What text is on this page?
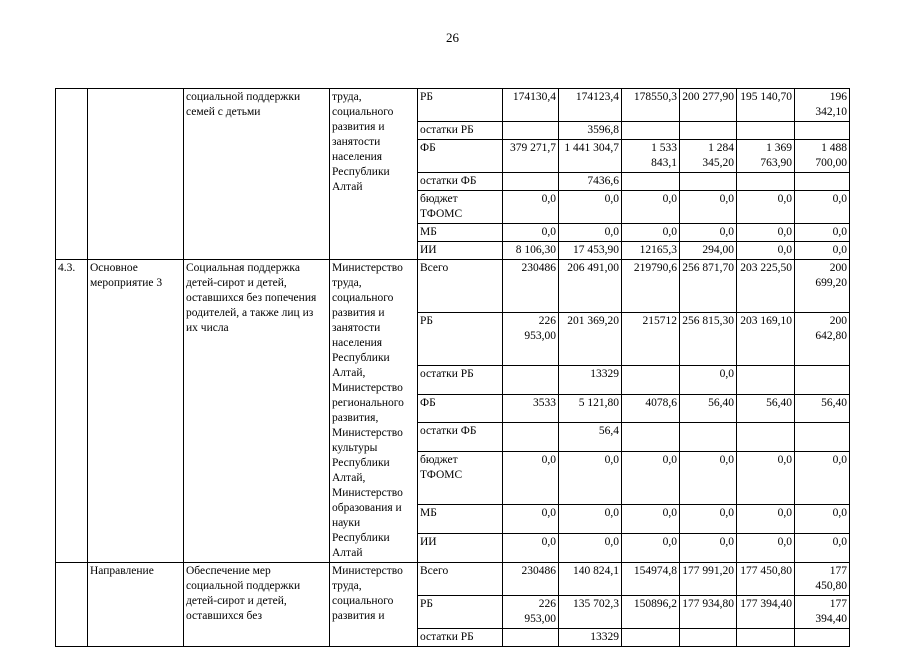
26
		социальной поддержки семей с детьми	труда, социального развития и занятости населения Республики Алтай	РБ	174130,4	174123,4	178550,3	200 277,90	195 140,70	196 342,10
				остатки РБ		3596,8				
				ФБ	379 271,7	1 441 304,7	1 533 843,1	1 284 345,20	1 369 763,90	1 488 700,00
				остатки ФБ		7436,6				
				бюджет ТФОМС	0,0	0,0	0,0	0,0	0,0	0,0
				МБ	0,0	0,0	0,0	0,0	0,0	0,0
				ИИ	8 106,30	17 453,90	12165,3	294,00	0,0	0,0
4.3.	Основное мероприятие 3	Социальная поддержка детей-сирот и детей, оставшихся без попечения родителей, а также лиц из их числа	Министерство труда, социального развития и занятости населения Республики Алтай, Министерство регионального развития, Министерство культуры Республики Алтай, Министерство образования и науки Республики Алтай	Всего	230486	206 491,00	219790,6	256 871,70	203 225,50	200 699,20
				РБ	226 953,00	201 369,20	215712	256 815,30	203 169,10	200 642,80
				остатки РБ		13329		0,0		
				ФБ	3533	5 121,80	4078,6	56,40	56,40	56,40
				остатки ФБ		56,4				
				бюджет ТФОМС	0,0	0,0	0,0	0,0	0,0	0,0
				МБ	0,0	0,0	0,0	0,0	0,0	0,0
				ИИ	0,0	0,0	0,0	0,0	0,0	0,0
	Направление	Обеспечение мер социальной поддержки детей-сирот и детей, оставшихся без	Министерство труда, социального развития и	Всего	230486	140 824,1	154974,8	177 991,20	177 450,80	177 450,80
				РБ	226 953,00	135 702,3	150896,2	177 934,80	177 394,40	177 394,40
				остатки РБ		13329				
